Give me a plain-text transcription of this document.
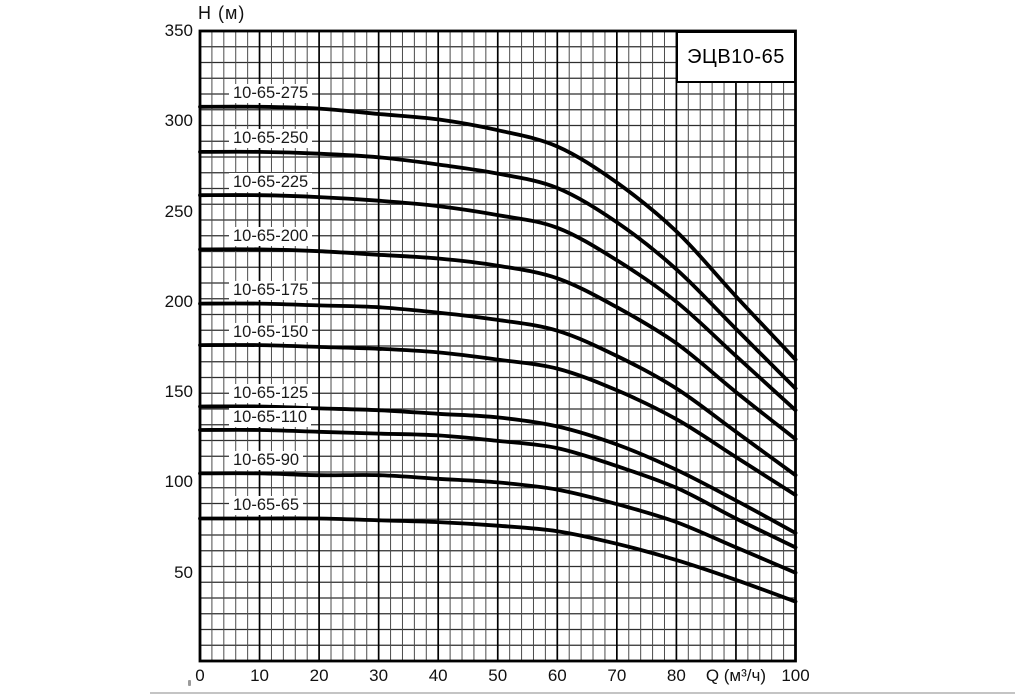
H (м)
350
300
250
200
150
100
50
0	10	20	30	40	50	60	70	80	100
Q (м³/ч)
10-65-275
10-65-250
10-65-225
10-65-200
10-65-175
10-65-150
10-65-125
10-65-110
10-65-90
10-65-65
ЭЦВ10-65
